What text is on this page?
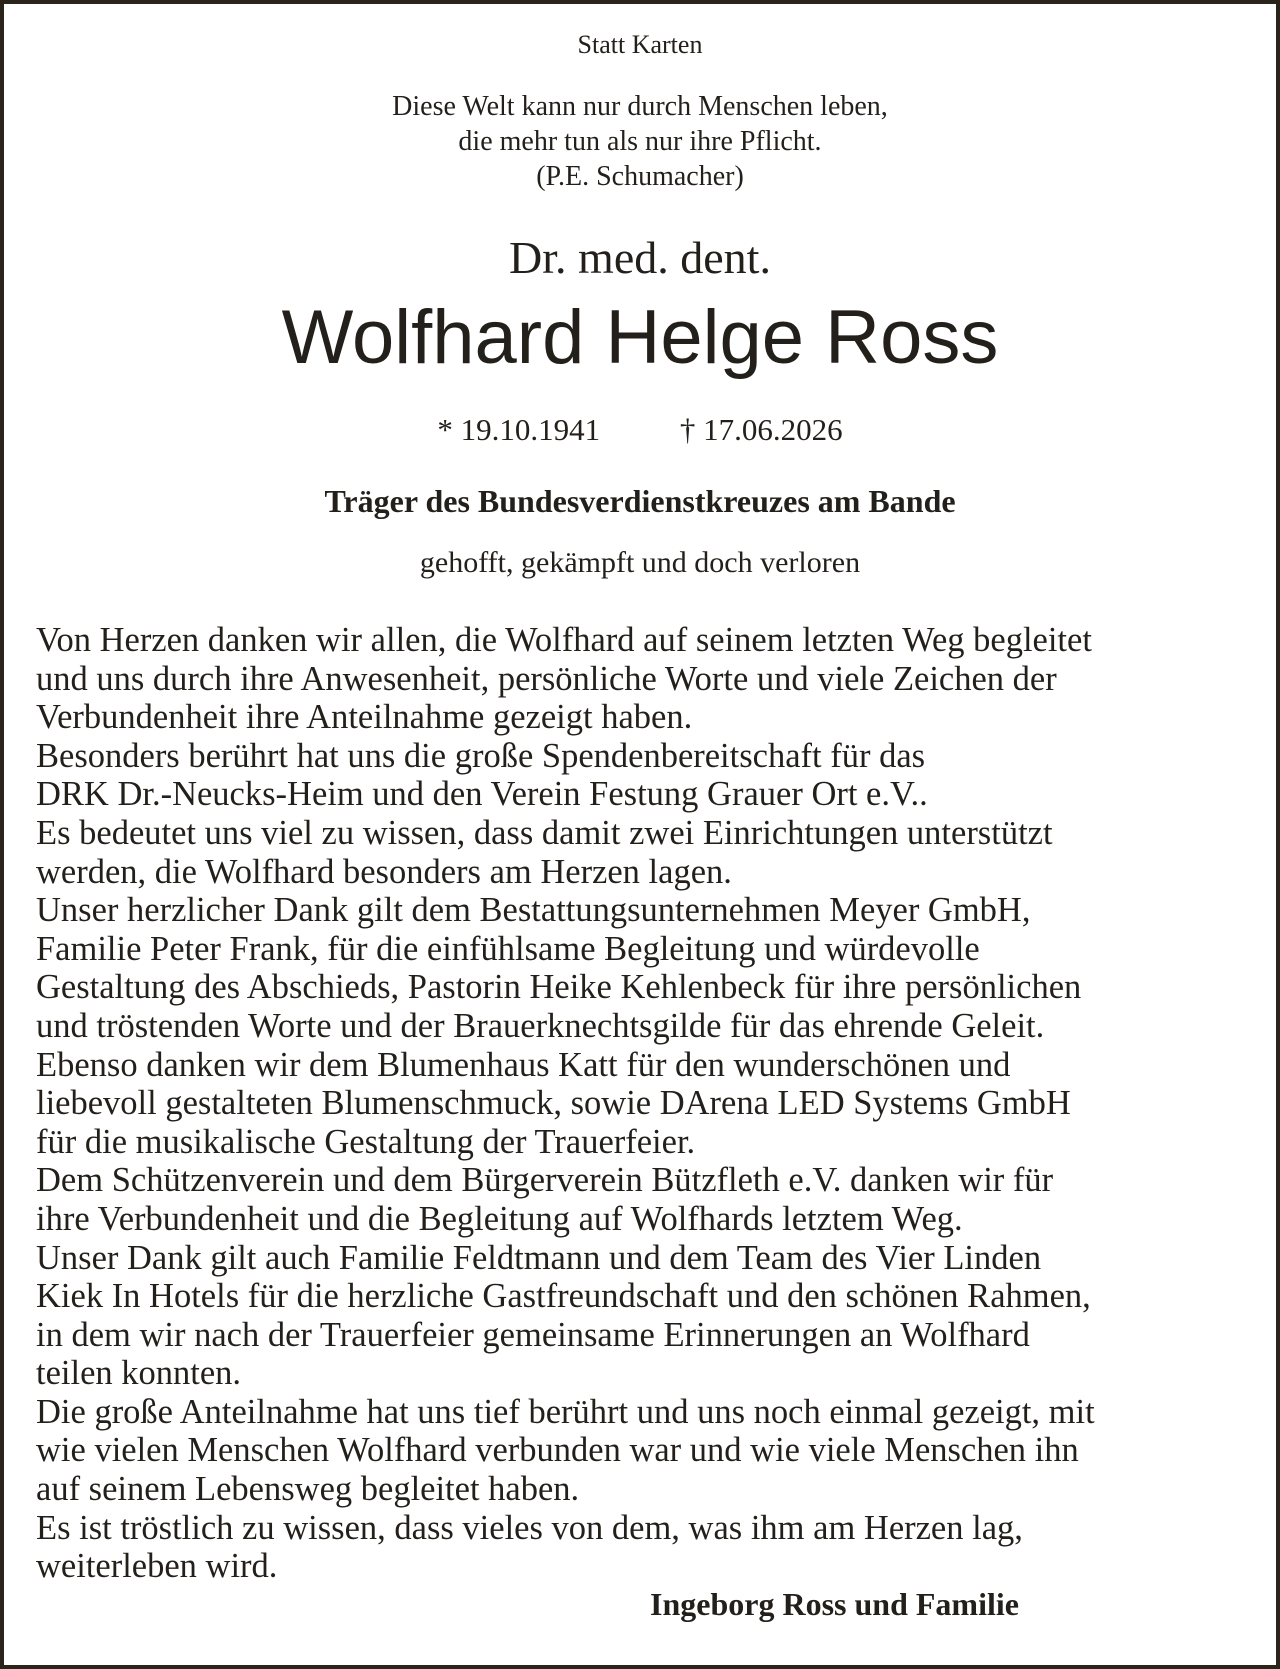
Statt Karten
Diese Welt kann nur durch Menschen leben,
die mehr tun als nur ihre Pflicht.
(P.E. Schumacher)
Dr. med. dent.
Wolfhard Helge Ross
* 19.10.1941	† 17.06.2026
Träger des Bundesverdienstkreuzes am Bande
gehofft, gekämpft und doch verloren
Von Herzen danken wir allen, die Wolfhard auf seinem letzten Weg begleitet
und uns durch ihre Anwesenheit, persönliche Worte und viele Zeichen der
Verbundenheit ihre Anteilnahme gezeigt haben.
Besonders berührt hat uns die große Spendenbereitschaft für das
DRK Dr.-Neucks-Heim und den Verein Festung Grauer Ort e.V..
Es bedeutet uns viel zu wissen, dass damit zwei Einrichtungen unterstützt
werden, die Wolfhard besonders am Herzen lagen.
Unser herzlicher Dank gilt dem Bestattungsunternehmen Meyer GmbH,
Familie Peter Frank, für die einfühlsame Begleitung und würdevolle
Gestaltung des Abschieds, Pastorin Heike Kehlenbeck für ihre persönlichen
und tröstenden Worte und der Brauerknechtsgilde für das ehrende Geleit.
Ebenso danken wir dem Blumenhaus Katt für den wunderschönen und
liebevoll gestalteten Blumenschmuck, sowie DArena LED Systems GmbH
für die musikalische Gestaltung der Trauerfeier.
Dem Schützenverein und dem Bürgerverein Bützfleth e.V. danken wir für
ihre Verbundenheit und die Begleitung auf Wolfhards letztem Weg.
Unser Dank gilt auch Familie Feldtmann und dem Team des Vier Linden
Kiek In Hotels für die herzliche Gastfreundschaft und den schönen Rahmen,
in dem wir nach der Trauerfeier gemeinsame Erinnerungen an Wolfhard
teilen konnten.
Die große Anteilnahme hat uns tief berührt und uns noch einmal gezeigt, mit
wie vielen Menschen Wolfhard verbunden war und wie viele Menschen ihn
auf seinem Lebensweg begleitet haben.
Es ist tröstlich zu wissen, dass vieles von dem, was ihm am Herzen lag,
weiterleben wird.
Ingeborg Ross und Familie
